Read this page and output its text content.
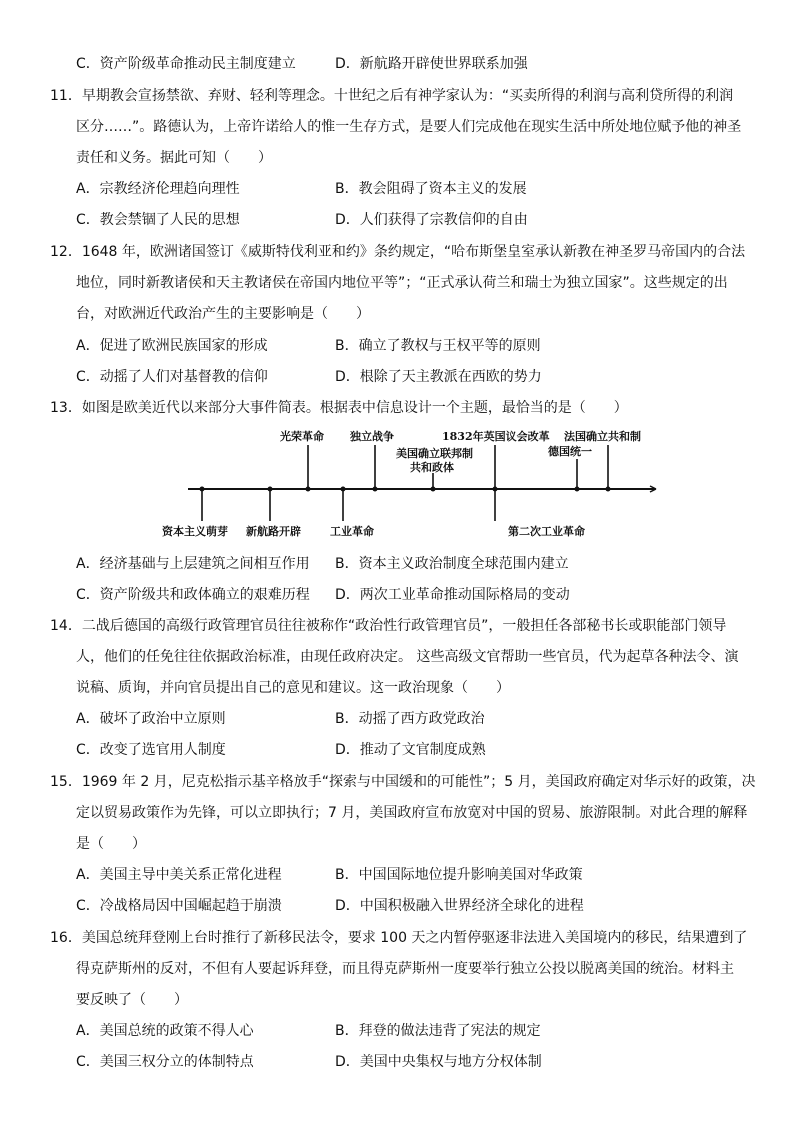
C．资产阶级革命推动民主制度建立	D．新航路开辟使世界联系加强
11．早期教会宣扬禁欲、弃财、轻利等理念。十世纪之后有神学家认为：“买卖所得的利润与高利贷所得的利润
区分……”。路德认为，上帝许诺给人的惟一生存方式，是要人们完成他在现实生活中所处地位赋予他的神圣
责任和义务。据此可知（　　）
A．宗教经济伦理趋向理性	B．教会阻碍了资本主义的发展
C．教会禁锢了人民的思想	D．人们获得了宗教信仰的自由
12．1648 年，欧洲诸国签订《威斯特伐利亚和约》条约规定，“哈布斯堡皇室承认新教在神圣罗马帝国内的合法
地位，同时新教诸侯和天主教诸侯在帝国内地位平等”；“正式承认荷兰和瑞士为独立国家”。这些规定的出
台，对欧洲近代政治产生的主要影响是（　　）
A．促进了欧洲民族国家的形成	B．确立了教权与王权平等的原则
C．动摇了人们对基督教的信仰	D．根除了天主教派在西欧的势力
13．如图是欧美近代以来部分大事件简表。根据表中信息设计一个主题，最恰当的是（　　）
光荣革命 独立战争
美国确立联邦制
共和政体
1832年英国议会改革 法国确立共和制
德国统一
资本主义萌芽 新航路开辟	工业革命	第二次工业革命
A．经济基础与上层建筑之间相互作用 B．资本主义政治制度全球范围内建立
C．资产阶级共和政体确立的艰难历程 D．两次工业革命推动国际格局的变动
14．二战后德国的高级行政管理官员往往被称作“政治性行政管理官员”，一般担任各部秘书长或职能部门领导
人，他们的任免往往依据政治标准，由现任政府决定。 这些高级文官帮助一些官员，代为起草各种法令、演
说稿、质询，并向官员提出自己的意见和建议。这一政治现象（　　）
A．破坏了政治中立原则	B．动摇了西方政党政治
C．改变了选官用人制度	D．推动了文官制度成熟
15．1969 年 2 月，尼克松指示基辛格放手“探索与中国缓和的可能性”；5 月，美国政府确定对华示好的政策，决
定以贸易政策作为先锋，可以立即执行；7 月，美国政府宣布放宽对中国的贸易、旅游限制。对此合理的解释
是（　　）
A．美国主导中美关系正常化进程	B．中国国际地位提升影响美国对华政策
C．冷战格局因中国崛起趋于崩溃	D．中国积极融入世界经济全球化的进程
16．美国总统拜登刚上台时推行了新移民法令，要求 100 天之内暂停驱逐非法进入美国境内的移民，结果遭到了
得克萨斯州的反对，不但有人要起诉拜登，而且得克萨斯州一度要举行独立公投以脱离美国的统治。材料主
要反映了（　　）
A．美国总统的政策不得人心	B．拜登的做法违背了宪法的规定
C．美国三权分立的体制特点	D．美国中央集权与地方分权体制
